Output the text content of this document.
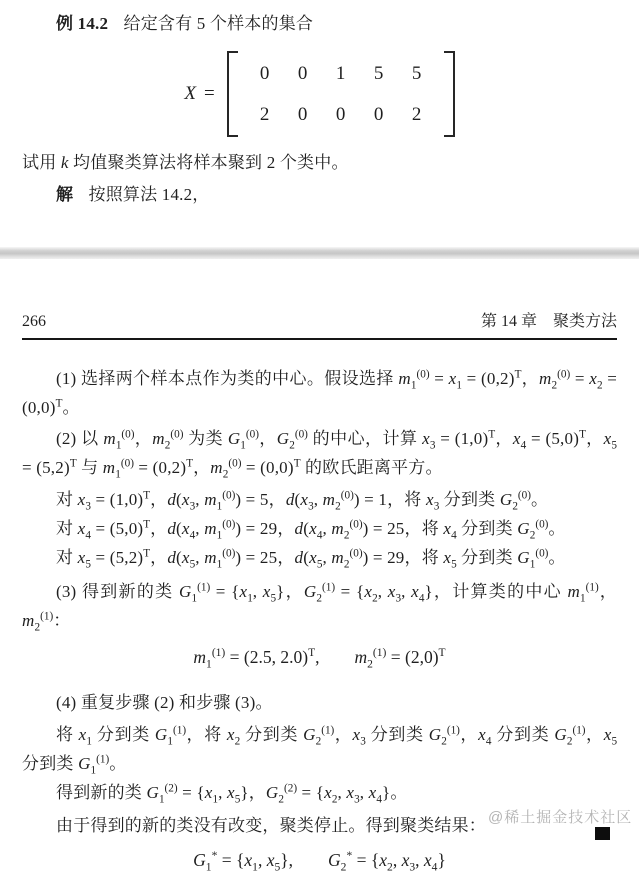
例 14.2 给定含有 5 个样本的集合

X =
0 0 1 5 5
2 0 0 0 2

试用 k 均值聚类算法将样本聚到 2 个类中。

解 按照算法 14.2，

266	第 14 章　聚类方法

(1) 选择两个样本点作为类的中心。假设选择 $m_1^{(0)} = x_1 = (0,2)^T$，$m_2^{(0)} = x_2 = (0,0)^T$。

(2) 以 $m_1^{(0)}$，$m_2^{(0)}$ 为类 $G_1^{(0)}$，$G_2^{(0)}$ 的中心，计算 $x_3 = (1,0)^T$，$x_4 = (5,0)^T$，$x_5 = (5,2)^T$ 与 $m_1^{(0)} = (0,2)^T$，$m_2^{(0)} = (0,0)^T$ 的欧氏距离平方。

对 $x_3 = (1,0)^T$，$d(x_3$, $m_1^{(0)}) = 5$，$d(x_3$, $m_2^{(0)}) = 1$，将 $x_3$ 分到类 $G_2^{(0)}$。

对 $x_4 = (5,0)^T$，$d(x_4$, $m_1^{(0)}) = 29$，$d(x_4$, $m_2^{(0)}) = 25$，将 $x_4$ 分到类 $G_2^{(0)}$。

对 $x_5 = (5,2)^T$，$d(x_5$, $m_1^{(0)}) = 25$，$d(x_5$, $m_2^{(0)}) = 29$，将 $x_5$ 分到类 $G_1^{(0)}$。

(3) 得到新的类 $G_1^{(1)} = \{x_1$, $x_5$}，$G_2^{(1)} = \{x_2$, $x_3$, $x_4$}，计算类的中心 $m_1^{(1)}$，$m_2^{(1)}$：

$m_1^{(1)} = (2.5$, 2.0)$^T$,  $m_2^{(1)} = (2,0)^T$

(4) 重复步骤 (2) 和步骤 (3)。

将 $x_1$ 分到类 $G_1^{(1)}$，将 $x_2$ 分到类 $G_2^{(1)}$，$x_3$ 分到类 $G_2^{(1)}$，$x_4$ 分到类 $G_2^{(1)}$，$x_5$ 分到类 $G_1^{(1)}$。

得到新的类 $G_1^{(2)} = \{x_1$, $x_5$}，$G_2^{(2)} = \{x_2$, $x_3$, $x_4$}。

由于得到的新的类没有改变，聚类停止。得到聚类结果：

$G_1^* = \{x_1$, $x_5$},  $G_2^* = \{x_2$, $x_3$, $x_4$}

@稀土掘金技术社区
